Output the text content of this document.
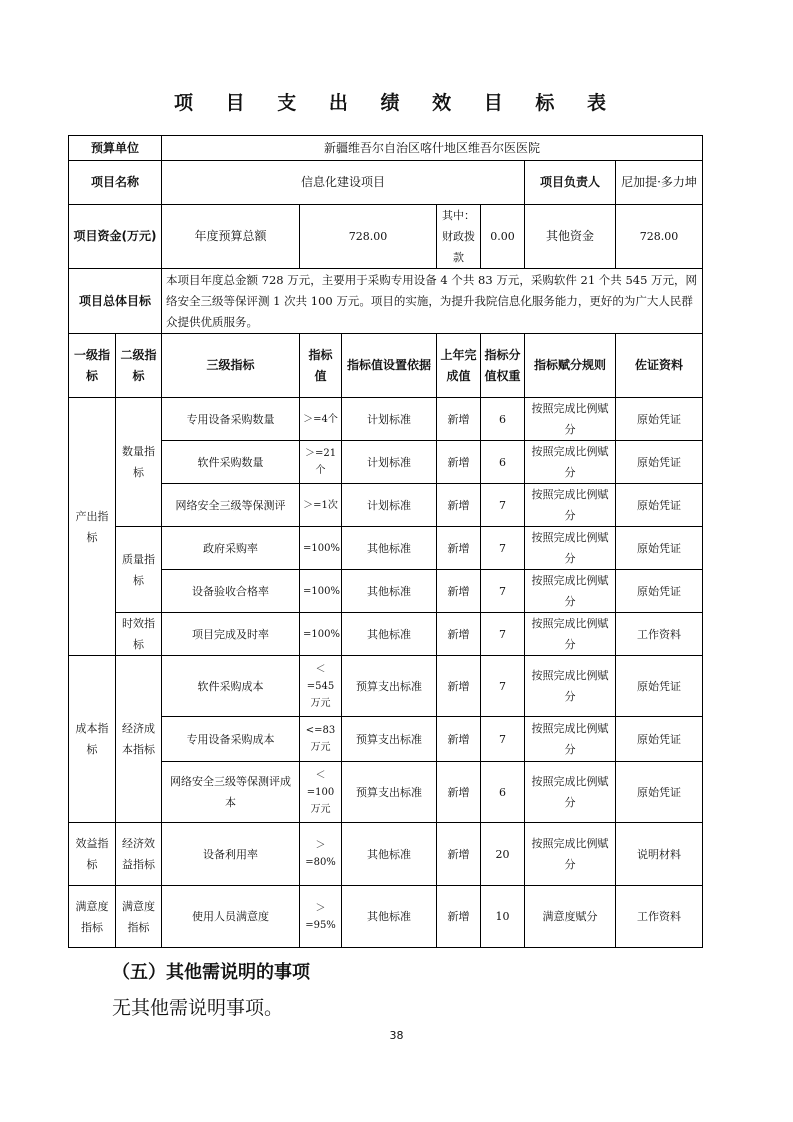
项 目 支 出 绩 效 目 标 表
预算单位		新疆维吾尔自治区喀什地区维吾尔医医院						
项目名称		信息化建设项目					项目负责人	尼加提·多力坤
项目资金(万元)		年度预算总额	728.00		其中：财政拨款	0.00	其他资金	728.00
项目总体目标		本项目年度总金额 728 万元，主要用于采购专用设备 4 个共 83 万元，采购软件 21 个共 545 万元，网络安全三级等保评测 1 次共 100 万元。项目的实施，为提升我院信息化服务能力，更好的为广大人民群众提供优质服务。						
一级指标	二级指标	三级指标	指标值	指标值设置依据	上年完成值	指标分值权重	指标赋分规则	佐证资料
产出指标	数量指标	专用设备采购数量	＞=4个	计划标准	新增	6	按照完成比例赋分	原始凭证
		软件采购数量	＞=21个	计划标准	新增	6	按照完成比例赋分	原始凭证
		网络安全三级等保测评	＞=1次	计划标准	新增	7	按照完成比例赋分	原始凭证
	质量指标	政府采购率	=100%	其他标准	新增	7	按照完成比例赋分	原始凭证
		设备验收合格率	=100%	其他标准	新增	7	按照完成比例赋分	原始凭证
	时效指标	项目完成及时率	=100%	其他标准	新增	7	按照完成比例赋分	工作资料
成本指标	经济成本指标	软件采购成本	＜=545万元	预算支出标准	新增	7	按照完成比例赋分	原始凭证
		专用设备采购成本	<=83万元	预算支出标准	新增	7	按照完成比例赋分	原始凭证
		网络安全三级等保测评成本	＜=100万元	预算支出标准	新增	6	按照完成比例赋分	原始凭证
效益指标	经济效益指标	设备利用率	＞=80%	其他标准	新增	20	按照完成比例赋分	说明材料
满意度指标	满意度指标	使用人员满意度	＞=95%	其他标准	新增	10	满意度赋分	工作资料
（五）其他需说明的事项
无其他需说明事项。
38
